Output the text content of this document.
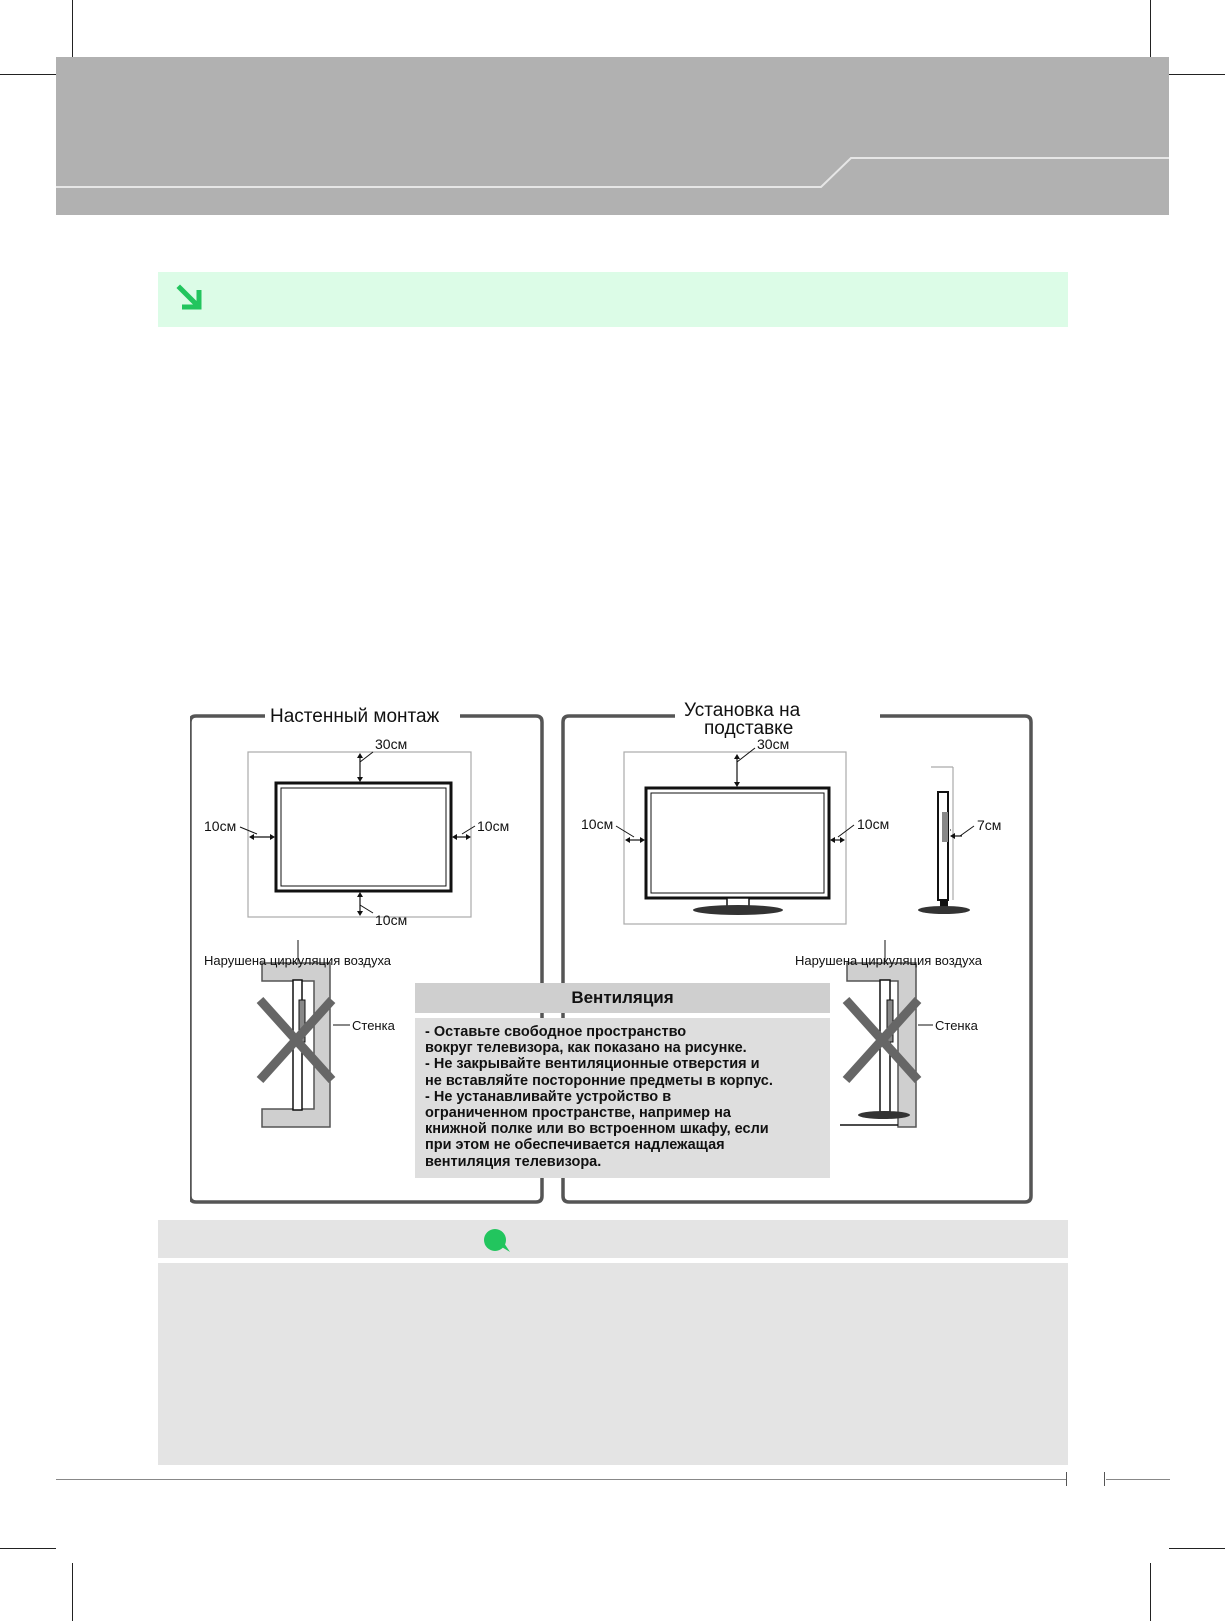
Настенный монтаж	Установка на
подставке
30см
10см	10см
10см
30см
10см	10см	7см
Нарушена циркуляция воздуха	Нарушена циркуляция воздуха
Стенка	Стенка
Вентиляция

- Оставьте свободное пространство
вокруг телевизора, как показано на рисунке.
- Не закрывайте вентиляционные отверстия и
не вставляйте посторонние предметы в корпус.
- Не устанавливайте устройство в
ограниченном пространстве, например на
книжной полке или во встроенном шкафу, если
при этом не обеспечивается надлежащая
вентиляция телевизора.
